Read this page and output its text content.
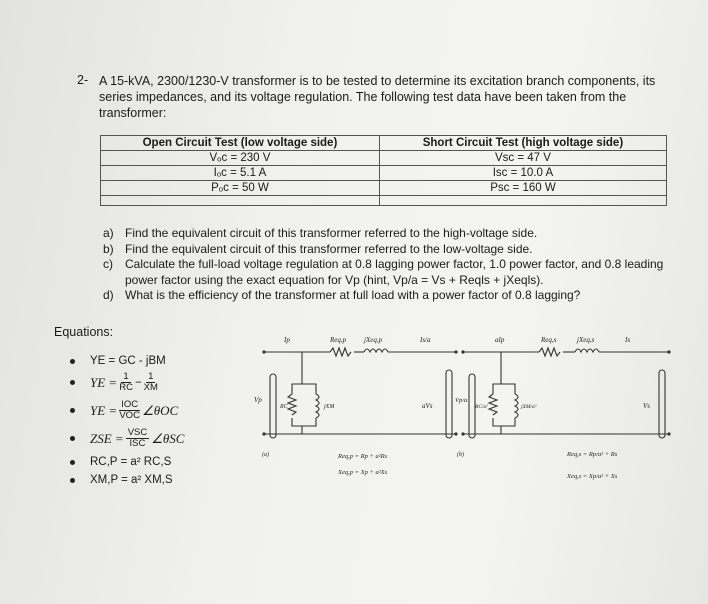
2- A 15-kVA, 2300/1230-V transformer is to be tested to determine its excitation branch components, its series impedances, and its voltage regulation. The following test data have been taken from the transformer:
Open Circuit Test (low voltage side)	Short Circuit Test (high voltage side)
Vₒc = 230 V	Vsc = 47 V
Iₒc = 5.1 A	Isc = 10.0 A
Pₒc = 50 W	Psc = 160 W

a) Find the equivalent circuit of this transformer referred to the high-voltage side.
b) Find the equivalent circuit of this transformer referred to the low-voltage side.
c)	Calculate the full-load voltage regulation at 0.8 lagging power factor, 1.0 power factor, and 0.8 leading power factor using the exact equation for Vp (hint, Vp/a = Vs + Reqls + jXeqls).
d) What is the efficiency of the transformer at full load with a power factor of 0.8 lagging?
Equations:
YE = GC - jBM
YE = $\frac{1}{RC} - \frac{1}{XM}$
YE = $\frac{\text{IOC}}{\text{VOC}}$ ∠θOC
ZSE = $\frac{\text{VSC}}{\text{ISC}}$ ∠θSC
RC,P = a² RC,S
XM,P = a² XM,S
Ip	Req,p	jXeq,p	Is/a
Vp
RC	jXM	aVs
(a)	Req,p = Rp + a²Rs
Xeq,p = Xp + a²Xs
aIp	Req,s	jXeq,s	Is
Vp/a
RC/a²	jXM/a²	Vs
(b)	Req,s = Rp/a² + Rs
Xeq,s = Xp/a² + Xs
